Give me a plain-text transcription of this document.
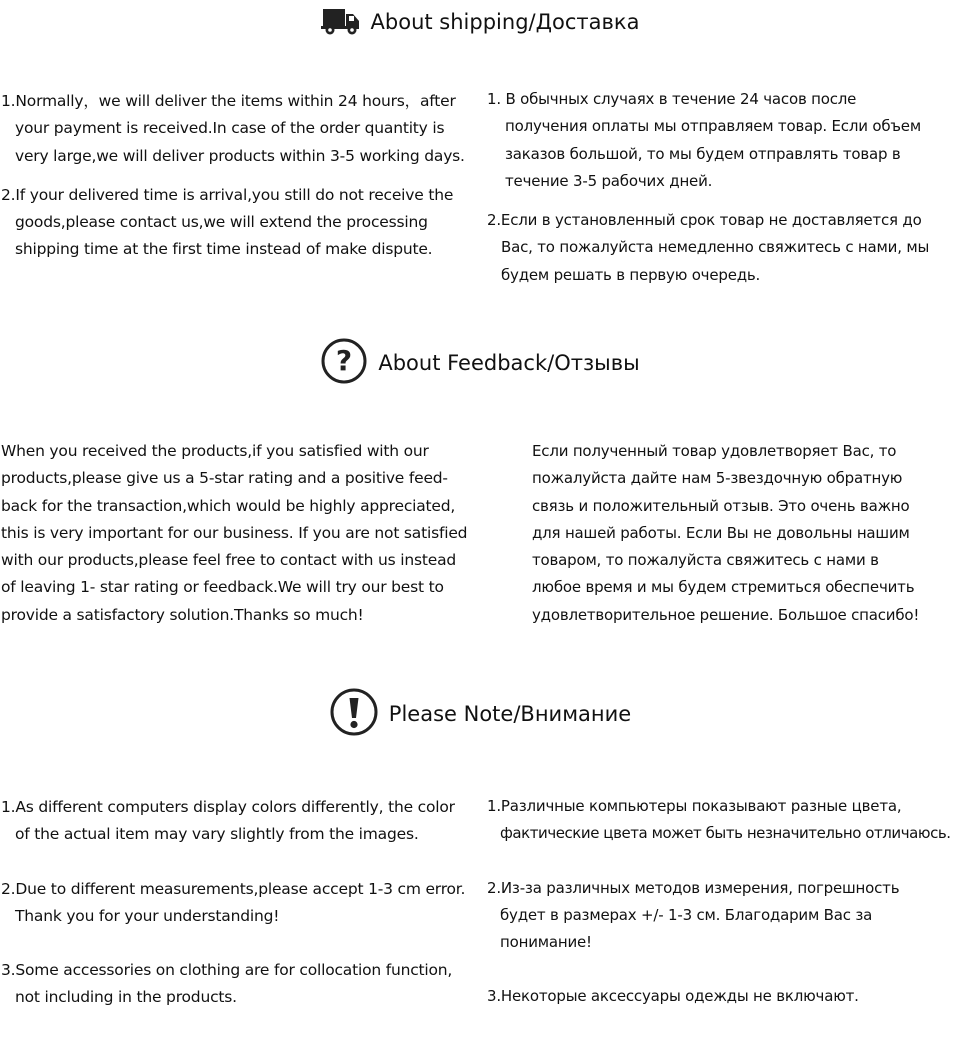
About shipping/Доставка
1.Normally，we will deliver the items within 24 hours，after
your payment is received.In case of the order quantity is
very large,we will deliver products within 3-5 working days.
2.If your delivered time is arrival,you still do not receive the
goods,please contact us,we will extend the processing
shipping time at the first time instead of make dispute.
1. В обычных случаях в течение 24 часов после
получения оплаты мы отправляем товар. Если объем
заказов большой, то мы будем отправлять товар в
течение 3-5 рабочих дней.
2.Если в установленный срок товар не доставляется до
Вас, то пожалуйста немедленно свяжитесь с нами, мы
будем решать в первую очередь.
? About Feedback/Отзывы
When you received the products,if you satisfied with our
products,please give us a 5-star rating and a positive feed-
back for the transaction,which would be highly appreciated,
this is very important for our business. If you are not satisfied
with our products,please feel free to contact with us instead
of leaving 1- star rating or feedback.We will try our best to
provide a satisfactory solution.Thanks so much!
Если полученный товар удовлетворяет Вас, то
пожалуйста дайте нам 5-звездочную обратную
связь и положительный отзыв. Это очень важно
для нашей работы. Если Вы не довольны нашим
товаром, то пожалуйста свяжитесь с нами в
любое время и мы будем стремиться обеспечить
удовлетворительное решение. Большое спасибо!
Please Note/Внимание
1.As different computers display colors differently, the color
of the actual item may vary slightly from the images.
2.Due to different measurements,please accept 1-3 cm error.
Thank you for your understanding!
3.Some accessories on clothing are for collocation function,
not including in the products.
1.Различные компьютеры показывают разные цвета,
фактические цвета может быть незначительно отличаюсь.
2.Из-за различных методов измерения, погрешность
будет в размерах +/- 1-3 см. Благодарим Вас за
понимание!
3.Некоторые аксессуары одежды не включают.
